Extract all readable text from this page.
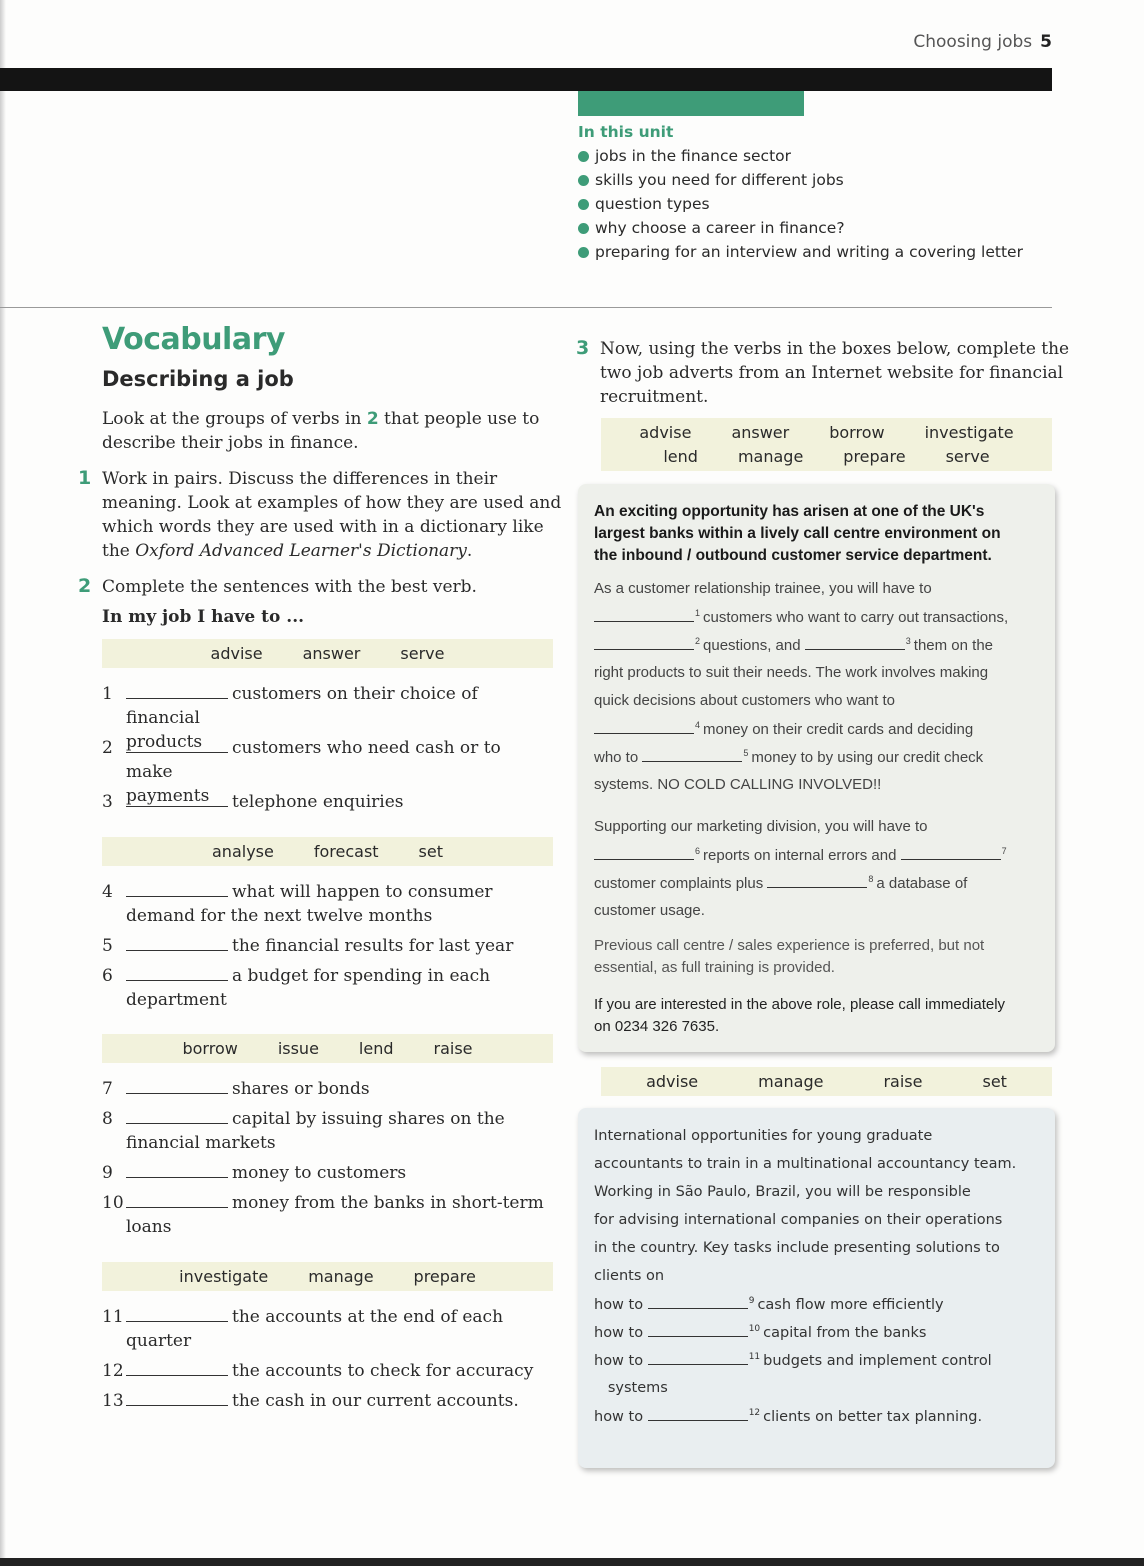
Choosing jobs 5
In this unit
jobs in the finance sector
skills you need for different jobs
question types
why choose a career in finance?
preparing for an interview and writing a covering letter
Vocabulary
Describing a job
Look at the groups of verbs in 2 that people use to
describe their jobs in finance.
1 Work in pairs. Discuss the differences in their
meaning. Look at examples of how they are used and
which words they are used with in a dictionary like
the Oxford Advanced Learner's Dictionary.
2 Complete the sentences with the best verb.
In my job I have to ...
3 Now, using the verbs in the boxes below, complete the
two job adverts from an Internet website for financial
recruitment.
advise	answer	borrow	investigate
lend	manage	prepare	serve
An exciting opportunity has arisen at one of the UK's
largest banks within a lively call centre environment on
the inbound / outbound customer service department.
As a customer relationship trainee, you will have to
$^1$ customers who want to carry out transactions,
$^2$ questions, and	$^3$ them on the
right products to suit their needs. The work involves making
quick decisions about customers who want to
$^4$ money on their credit cards and deciding
who to	$^5$ money to by using our credit check
systems. NO COLD CALLING INVOLVED!!
Supporting our marketing division, you will have to
$^6$ reports on internal errors and	$^7$
customer complaints plus	$^8$ a database of
customer usage.
Previous call centre / sales experience is preferred, but not
essential, as full training is provided.
If you are interested in the above role, please call immediately
on 0234 326 7635.
advise	manage	raise	set
International opportunities for young graduate
accountants to train in a multinational accountancy team.
Working in São Paulo, Brazil, you will be responsible
for advising international companies on their operations
in the country. Key tasks include presenting solutions to
clients on
how to	$^9$ cash flow more efficiently
how to	$^{10}$ capital from the banks
how to	$^{11}$ budgets and implement control
systems
how to	$^{12}$ clients on better tax planning.
advise	answer	serve
analyse	forecast	set
borrow	issue	lend	raise
investigate	manage	prepare
1	customers on their choice of financial
products
2	customers who need cash or to make
payments
3	telephone enquiries
4	what will happen to consumer
demand for the next twelve months
5	the financial results for last year
6	a budget for spending in each
department
7	shares or bonds
8	capital by issuing shares on the
financial markets
9	money to customers
10	money from the banks in short-term
loans
11	the accounts at the end of each
quarter
12	the accounts to check for accuracy
13	the cash in our current accounts.
